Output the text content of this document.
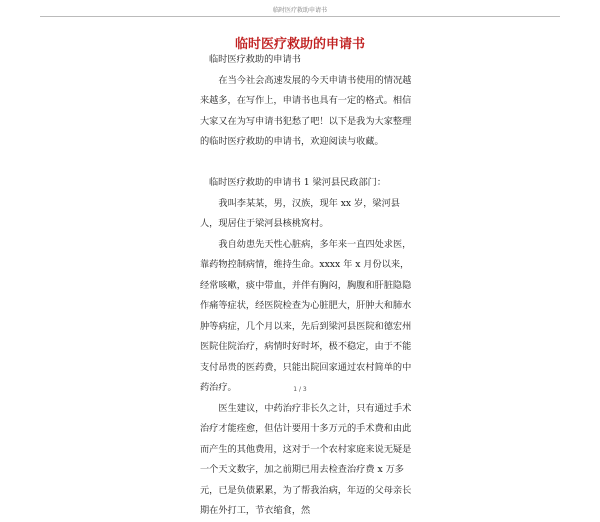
临时医疗救助申请书
临时医疗救助的申请书

临时医疗救助的申请书

在当今社会高速发展的今天申请书使用的情况越来越多，在写作上，申请书也具有一定的格式。相信大家又在为写申请书犯愁了吧！以下是我为大家整理的临时医疗救助的申请书，欢迎阅读与收藏。

临时医疗救助的申请书 1 梁河县民政部门：

我叫李某某，男，汉族，现年 xx 岁，梁河县人，现居住于梁河县核桃窝村。

我自幼患先天性心脏病，多年来一直四处求医，靠药物控制病情，维持生命。xxxx 年 x 月份以来，经常咳嗽，痰中带血，并伴有胸闷，胸腹和肝脏隐隐作痛等症状，经医院检查为心脏肥大，肝肿大和肺水肿等病症，几个月以来，先后到梁河县医院和德宏州医院住院治疗，病情时好时坏，极不稳定，由于不能支付昂贵的医药费，只能出院回家通过农村简单的中药治疗。

医生建议，中药治疗非长久之计，只有通过手术治疗才能痊愈，但估计要用十多万元的手术费和由此而产生的其他费用，这对于一个农村家庭来说无疑是一个天文数字，加之前期已用去检查治疗费 x 万多元，已是负债累累，为了帮我治病，年迈的父母亲长期在外打工，节衣缩食，然

1 / 3
